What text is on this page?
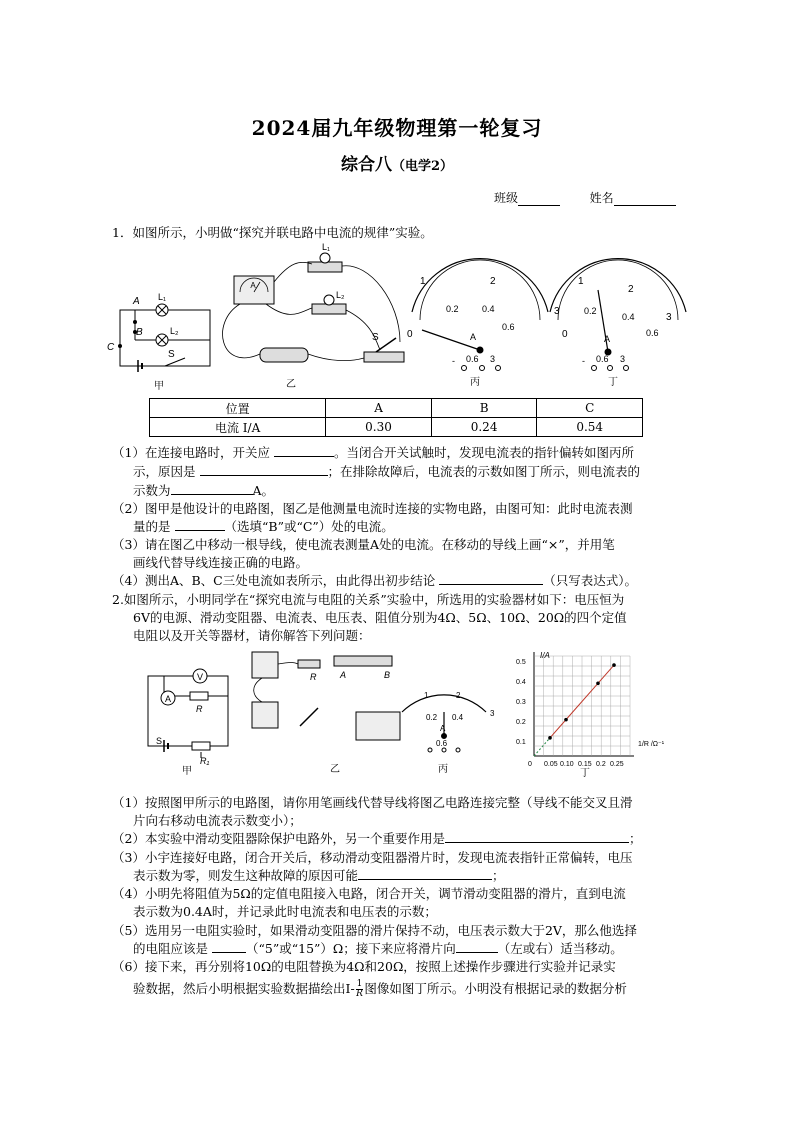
2024届九年级物理第一轮复习
综合八（电学2）
班级	姓名
1．如图所示，小明做“探究并联电路中电流的规律”实验。
A
B
C
S
L₁
L₂
甲
A
L₁
L₂
S
乙
0
1	2
3
0.2	0.4
0.6
A
- 0.6 3
丙
0
1
2
3
0.2
0.4
0.6
A
- 0.6 3
丁
位置	A	B	C
电流 I/A	0.30	0.24	0.54
（1）在连接电路时，开关应	。当闭合开关试触时，发现电流表的指针偏转如图丙所
示，原因是	；在排除故障后，电流表的示数如图丁所示，则电流表的
示数为	A。
（2）图甲是他设计的电路图，图乙是他测量电流时连接的实物电路，由图可知：此时电流表测
量的是	（选填“B”或“C”）处的电流。
（3）请在图乙中移动一根导线，使电流表测量A处的电流。在移动的导线上画“×”，并用笔
画线代替导线连接正确的电路。
（4）测出A、B、C三处电流如表所示，由此得出初步结论	（只写表达式）。
2.如图所示，小明同学在“探究电流与电阻的关系”实验中，所选用的实验器材如下：电压恒为
6V的电源、滑动变阻器、电流表、电压表、阻值分别为4Ω、5Ω、10Ω、20Ω的四个定值
电阻以及开关等器材，请你解答下列问题：
V
A
R
S
R₁
甲
R	A	B
乙
1	2
3
0.2 0.4
A
0.6
丙
I/A
1/R /Ω⁻¹
0.5
0.4
0.3
0.2
0.1
0 0.05 0.10 0.15 0.2 0.25
丁
（1）按照图甲所示的电路图，请你用笔画线代替导线将图乙电路连接完整（导线不能交叉且滑
片向右移动电流表示数变小）；
（2）本实验中滑动变阻器除保护电路外，另一个重要作用是	；
（3）小宇连接好电路，闭合开关后，移动滑动变阻器滑片时，发现电流表指针正常偏转，电压
表示数为零，则发生这种故障的原因可能	；
（4）小明先将阻值为5Ω的定值电阻接入电路，闭合开关，调节滑动变阻器的滑片，直到电流
表示数为0.4A时，并记录此时电流表和电压表的示数；
（5）选用另一电阻实验时，如果滑动变阻器的滑片保持不动，电压表示数大于2V，那么他选择
的电阻应该是	（“5”或“15”）Ω；接下来应将滑片向	（左或右）适当移动。
（6）接下来，再分别将10Ω的电阻替换为4Ω和20Ω，按照上述操作步骤进行实验并记录实
验数据，然后小明根据实验数据描绘出$I- \frac{1}{R}$ 图像如图丁所示。小明没有根据记录的数据分析
